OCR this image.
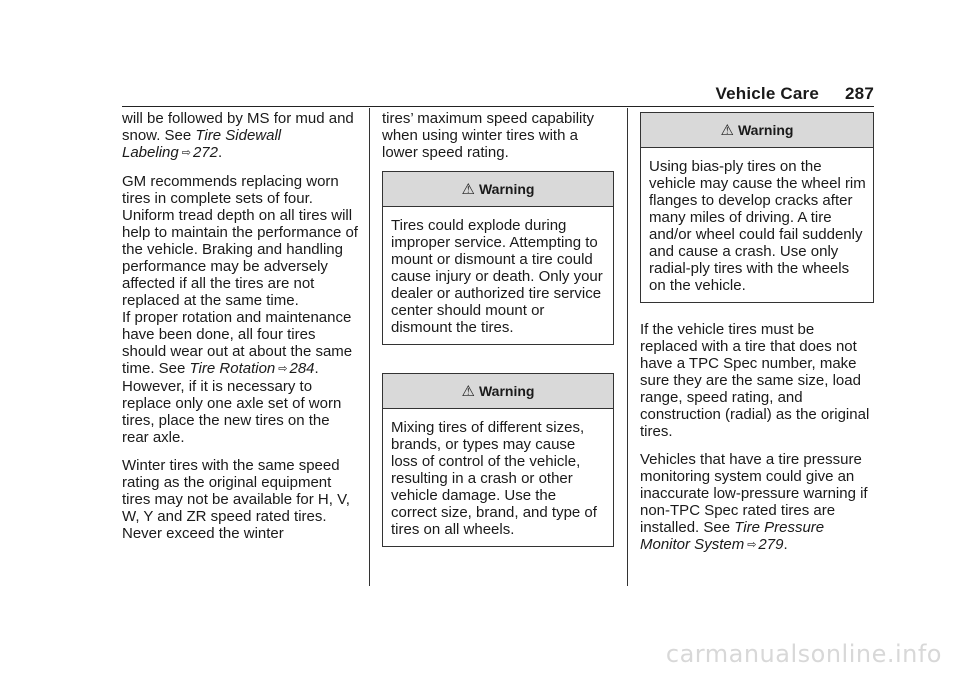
Vehicle Care 287

will be followed by MS for mud and snow. See Tire Sidewall Labeling ⇨ 272.

GM recommends replacing worn tires in complete sets of four. Uniform tread depth on all tires will help to maintain the performance of the vehicle. Braking and handling performance may be adversely affected if all the tires are not replaced at the same time.

If proper rotation and maintenance have been done, all four tires should wear out at about the same time. See Tire Rotation ⇨ 284. However, if it is necessary to replace only one axle set of worn tires, place the new tires on the rear axle.

Winter tires with the same speed rating as the original equipment tires may not be available for H, V, W, Y and ZR speed rated tires. Never exceed the winter

tires’ maximum speed capability when using winter tires with a lower speed rating.

⚠ Warning
Tires could explode during improper service. Attempting to mount or dismount a tire could cause injury or death. Only your dealer or authorized tire service center should mount or dismount the tires.
⚠ Warning
Mixing tires of different sizes, brands, or types may cause loss of control of the vehicle, resulting in a crash or other vehicle damage. Use the correct size, brand, and type of tires on all wheels.
⚠ Warning
Using bias-ply tires on the vehicle may cause the wheel rim flanges to develop cracks after many miles of driving. A tire and/or wheel could fail suddenly and cause a crash. Use only radial-ply tires with the wheels on the vehicle.

If the vehicle tires must be replaced with a tire that does not have a TPC Spec number, make sure they are the same size, load range, speed rating, and construction (radial) as the original tires.

Vehicles that have a tire pressure monitoring system could give an inaccurate low-pressure warning if non-TPC Spec rated tires are installed. See Tire Pressure Monitor System ⇨ 279.

carmanualsonline.info
